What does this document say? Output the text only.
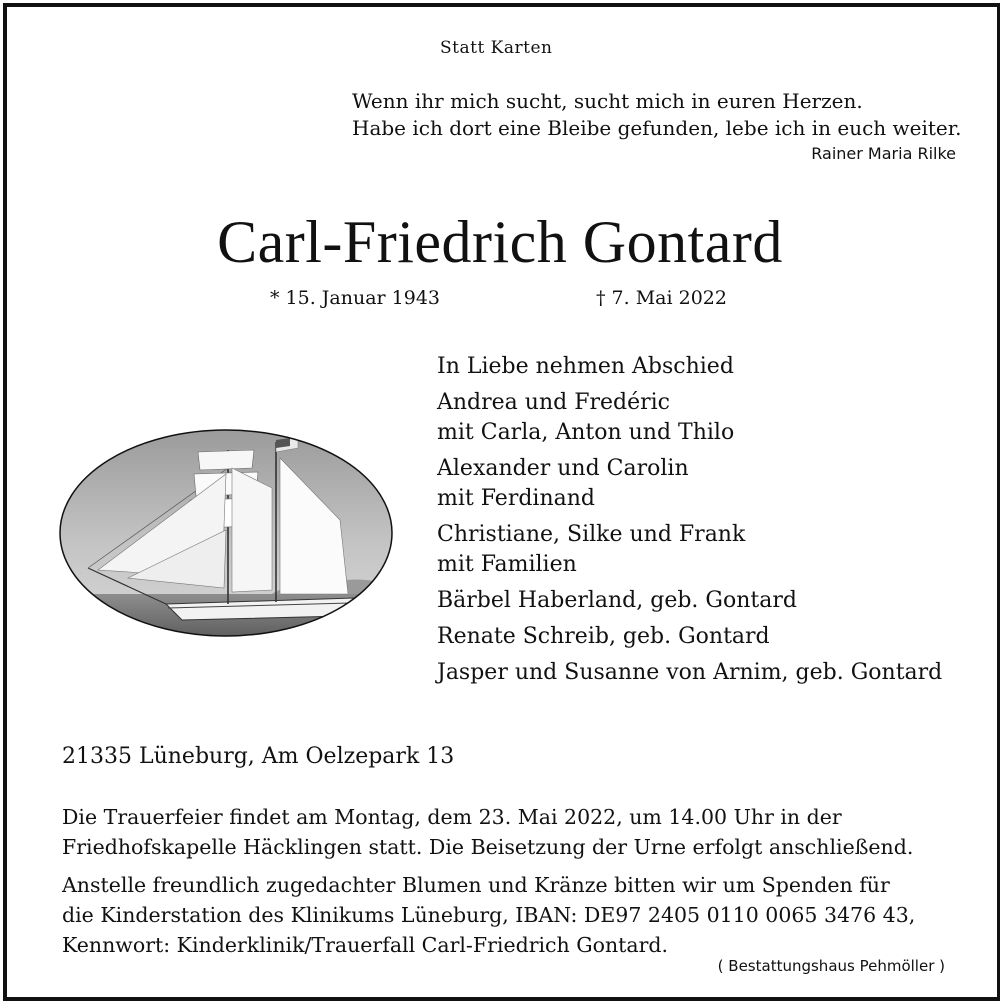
Statt Karten
Wenn ihr mich sucht, sucht mich in euren Herzen.
Habe ich dort eine Bleibe gefunden, lebe ich in euch weiter.
Rainer Maria Rilke
Carl-Friedrich Gontard
* 15. Januar 1943	† 7. Mai 2022
In Liebe nehmen Abschied
Andrea und Fredéric
mit Carla, Anton und Thilo
Alexander und Carolin
mit Ferdinand
Christiane, Silke und Frank
mit Familien
Bärbel Haberland, geb. Gontard
Renate Schreib, geb. Gontard
Jasper und Susanne von Arnim, geb. Gontard
21335 Lüneburg, Am Oelzepark 13
Die Trauerfeier findet am Montag, dem 23. Mai 2022, um 14.00 Uhr in der
Friedhofskapelle Häcklingen statt. Die Beisetzung der Urne erfolgt anschließend.
Anstelle freundlich zugedachter Blumen und Kränze bitten wir um Spenden für
die Kinderstation des Klinikums Lüneburg, IBAN: DE97 2405 0110 0065 3476 43,
Kennwort: Kinderklinik/Trauerfall Carl-Friedrich Gontard.
( Bestattungshaus Pehmöller )
